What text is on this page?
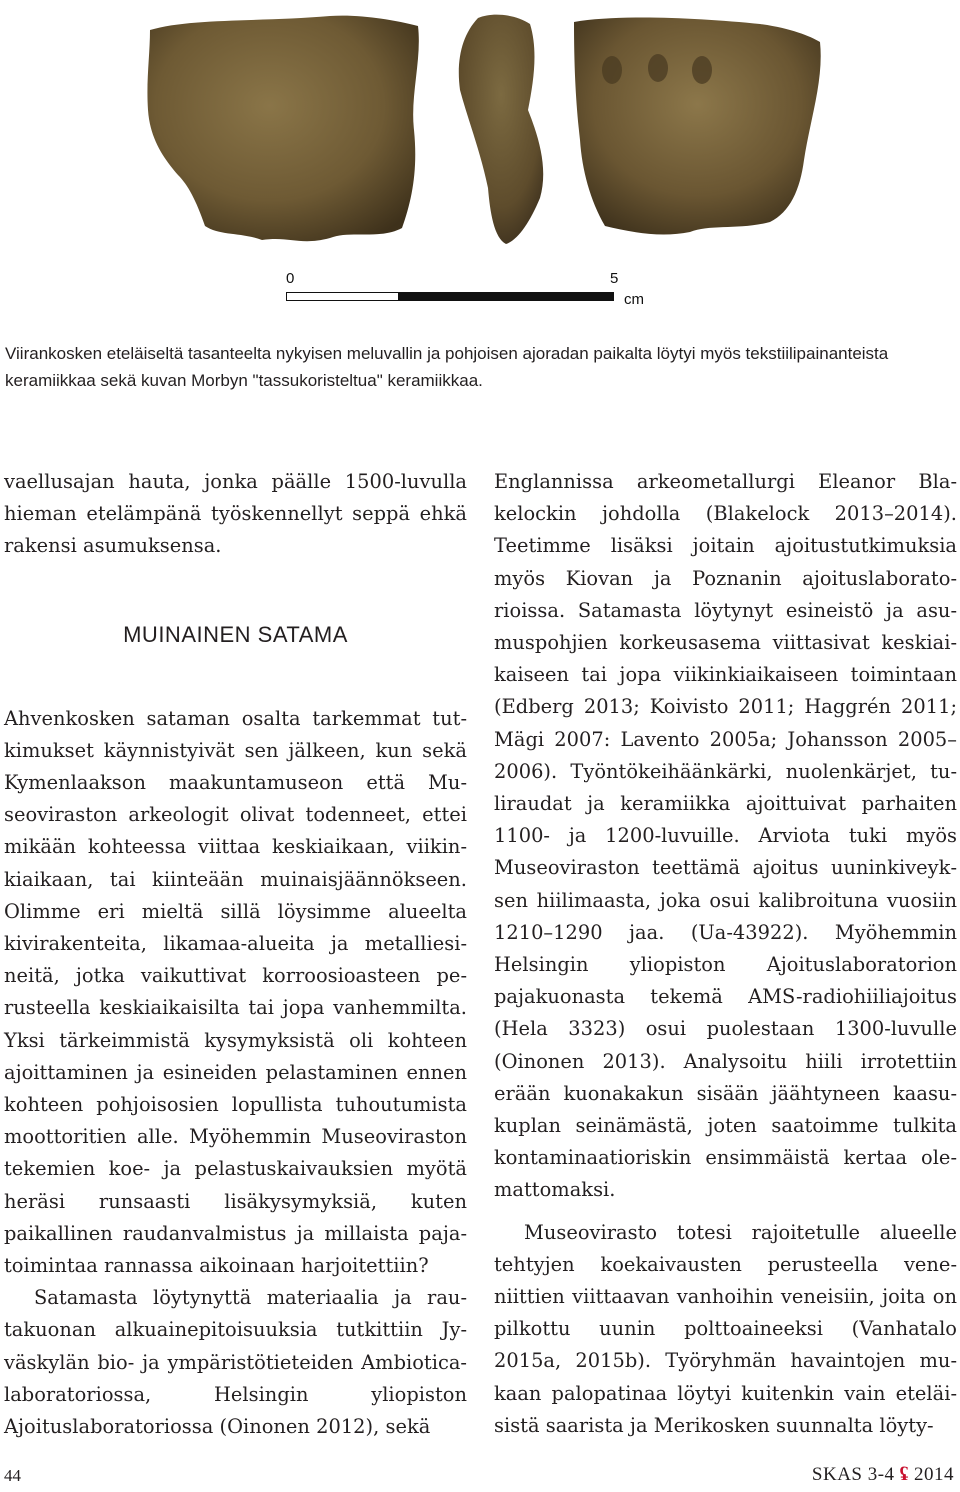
0	5
cm

Viirankosken eteläiseltä tasanteelta nykyisen meluvallin ja pohjoisen ajoradan paikalta löytyi myös tekstiilipainanteista keramiikkaa sekä kuvan Morbyn "tassukoristeltua" keramiikkaa.

vaellusajan hauta, jonka päälle 1500-luvulla hieman etelämpänä työskennellyt seppä ehkä rakensi asumuksensa.

MUINAINEN SATAMA

Ahvenkosken sataman osalta tarkemmat tutkimukset käynnistyivät sen jälkeen, kun sekä Kymenlaakson maakuntamuseon että Museoviraston arkeologit olivat todenneet, ettei mikään kohteessa viittaa keskiaikaan, viikinkiaikaan, tai kiinteään muinaisjäännökseen. Olimme eri mieltä sillä löysimme alueelta kivirakenteita, likamaa-alueita ja metalliesineitä, jotka vaikuttivat korroosioasteen perusteella keskiaikaisilta tai jopa vanhemmilta. Yksi tärkeimmistä kysymyksistä oli kohteen ajoittaminen ja esineiden pelastaminen ennen kohteen pohjoisosien lopullista tuhoutumista moottoritien alle. Myöhemmin Museoviraston tekemien koe- ja pelastuskaivauksien myötä heräsi runsaasti lisäkysymyksiä, kuten paikallinen raudanvalmistus ja millaista pajatoimintaa rannassa aikoinaan harjoitettiin?

Satamasta löytynyttä materiaalia ja rautakuonan alkuainepitoisuuksia tutkittiin Jyväskylän bio- ja ympäristötieteiden Ambiotica- laboratoriossa, Helsingin yliopiston Ajoituslaboratoriossa (Oinonen 2012), sekä

Englannissa arkeometallurgi Eleanor Blakelockin johdolla (Blakelock 2013–2014). Teetimme lisäksi joitain ajoitustutkimuksia myös Kiovan ja Poznanin ajoituslaboratorioissa. Satamasta löytynyt esineistö ja asumuspohjien korkeusasema viittasivat keskiaikaiseen tai jopa viikinkiaikaiseen toimintaan (Edberg 2013; Koivisto 2011; Haggrén 2011; Mägi 2007: Lavento 2005a; Johansson 2005–2006). Työntökeihäänkärki, nuolenkärjet, tuliraudat ja keramiikka ajoittuivat parhaiten 1100- ja 1200-luvuille. Arviota tuki myös Museoviraston teettämä ajoitus uuninkiveyksen hiilimaasta, joka osui kalibroituna vuosiin 1210–1290 jaa. (Ua-43922). Myöhemmin Helsingin yliopiston Ajoituslaboratorion pajakuonasta tekemä AMS-radiohiiliajoitus (Hela 3323) osui puolestaan 1300-luvulle (Oinonen 2013). Analysoitu hiili irrotettiin erään kuonakakun sisään jäähtyneen kaasukuplan seinämästä, joten saatoimme tulkita kontaminaatioriskin ensimmäistä kertaa olemattomaksi.

Museovirasto totesi rajoitetulle alueelle tehtyjen koekaivausten perusteella veneniittien viittaavan vanhoihin veneisiin, joita on pilkottu uunin polttoaineeksi (Vanhatalo 2015a, 2015b). Työryhmän havaintojen mukaan palopatinaa löytyi kuitenkin vain eteläisistä saarista ja Merikosken suunnalta löyty-

44	SKAS 3-4 ʢ 2014
